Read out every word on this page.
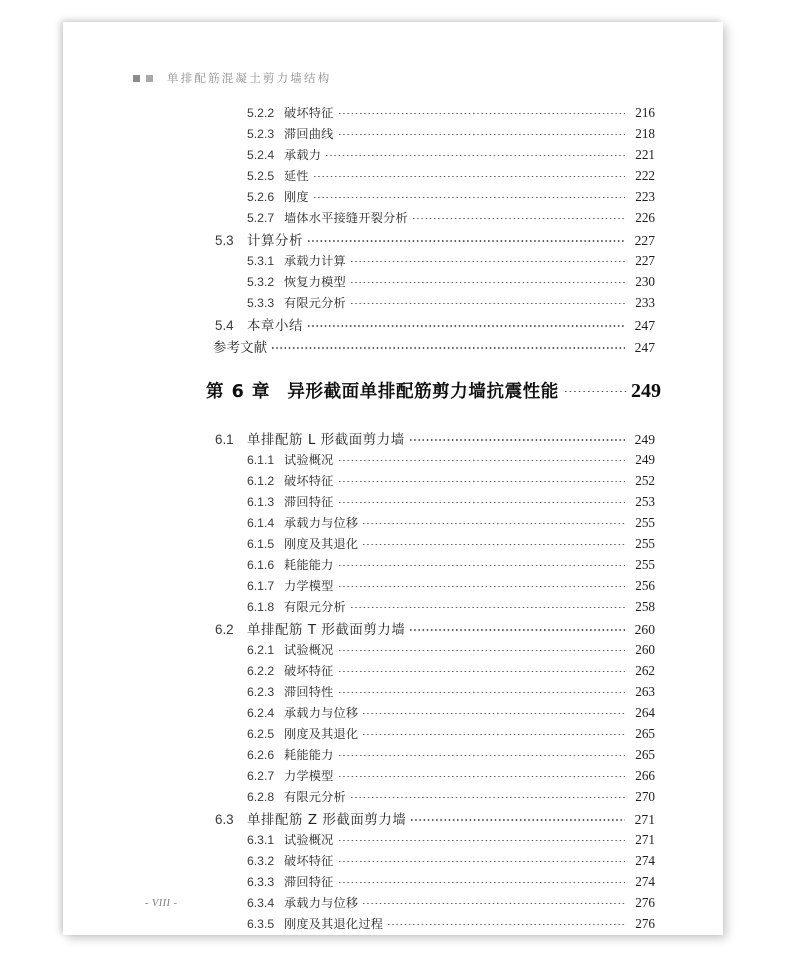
单排配筋混凝土剪力墙结构
5.2.2 破坏特征	216
5.2.3 滞回曲线	218
5.2.4 承载力	221
5.2.5 延性	222
5.2.6 刚度	223
5.2.7 墙体水平接缝开裂分析	226
5.3 计算分析	227
5.3.1 承载力计算	227
5.3.2 恢复力模型	230
5.3.3 有限元分析	233
5.4 本章小结	247
参考文献	247
第 6 章 异形截面单排配筋剪力墙抗震性能	249
6.1 单排配筋 L 形截面剪力墙	249
6.1.1 试验概况	249
6.1.2 破坏特征	252
6.1.3 滞回特征	253
6.1.4 承载力与位移	255
6.1.5 刚度及其退化	255
6.1.6 耗能能力	255
6.1.7 力学模型	256
6.1.8 有限元分析	258
6.2 单排配筋 T 形截面剪力墙	260
6.2.1 试验概况	260
6.2.2 破坏特征	262
6.2.3 滞回特性	263
6.2.4 承载力与位移	264
6.2.5 刚度及其退化	265
6.2.6 耗能能力	265
6.2.7 力学模型	266
6.2.8 有限元分析	270
6.3 单排配筋 Z 形截面剪力墙	271
6.3.1 试验概况	271
6.3.2 破坏特征	274
6.3.3 滞回特征	274
6.3.4 承载力与位移	276
6.3.5 刚度及其退化过程	276
- VIII -
